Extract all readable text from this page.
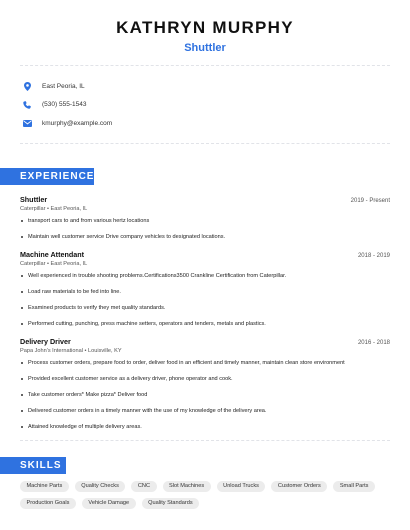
KATHRYN MURPHY
Shuttler
East Peoria, IL
(530) 555-1543
kmurphy@example.com
EXPERIENCE
Shuttler	2019 - Present
Caterpillar • East Peoria, IL
transport cars to and from various hertz locations
Maintain well customer service Drive company vehicles to designated locations.
Machine Attendant	2018 - 2019
Caterpillar • East Peoria, IL
Well experienced in trouble shooting problems.Certifications3500 Crankline Certification from Caterpillar.
Load raw materials to be fed into line.
Examined products to verify they met quality standards.
Performed cutting, punching, press machine setters, operators and tenders, metals and plastics.
Delivery Driver	2016 - 2018
Papa John's International • Louisville, KY
Process customer orders, prepare food to order, deliver food in an efficient and timely manner, maintain clean store environment
Provided excellent customer service as a delivery driver, phone operator and cook.
Take customer orders* Make pizza* Deliver food
Delivered customer orders in a timely manner with the use of my knowledge of the delivery area.
Attained knowledge of multiple delivery areas.
SKILLS
Machine Parts	Quality Checks	CNC	Slot Machines	Unload Trucks	Customer Orders	Small Parts
Production Goals	Vehicle Damage	Quality Standards
